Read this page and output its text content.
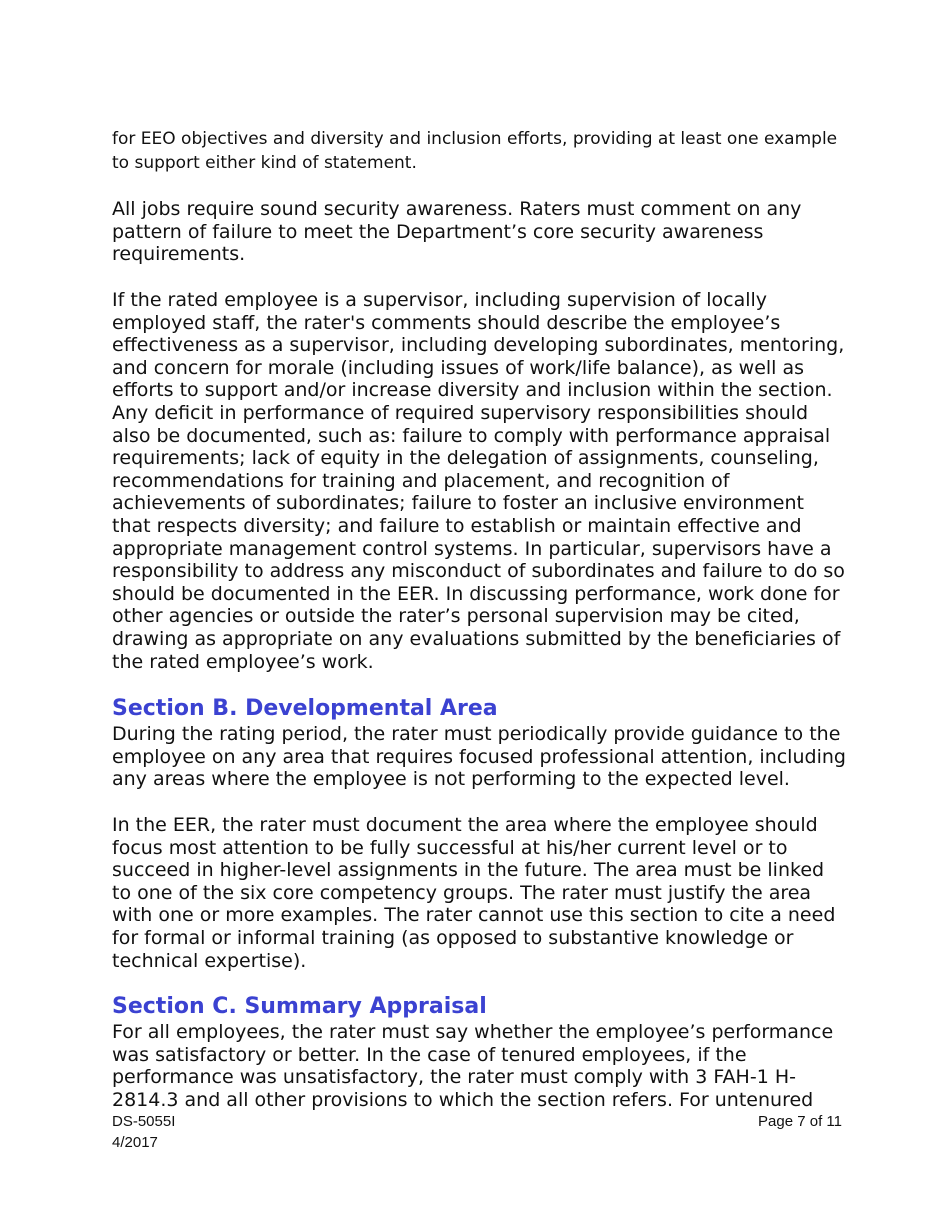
for EEO objectives and diversity and inclusion efforts, providing at least one example to support either kind of statement.

All jobs require sound security awareness. Raters must comment on any pattern of failure to meet the Department’s core security awareness requirements.

If the rated employee is a supervisor, including supervision of locally employed staff, the rater's comments should describe the employee’s effectiveness as a supervisor, including developing subordinates, mentoring, and concern for morale (including issues of work/life balance), as well as efforts to support and/or increase diversity and inclusion within the section. Any deficit in performance of required supervisory responsibilities should also be documented, such as: failure to comply with performance appraisal requirements; lack of equity in the delegation of assignments, counseling, recommendations for training and placement, and recognition of achievements of subordinates; failure to foster an inclusive environment that respects diversity; and failure to establish or maintain effective and appropriate management control systems. In particular, supervisors have a responsibility to address any misconduct of subordinates and failure to do so should be documented in the EER. In discussing performance, work done for other agencies or outside the rater’s personal supervision may be cited, drawing as appropriate on any evaluations submitted by the beneficiaries of the rated employee’s work.

Section B. Developmental Area

During the rating period, the rater must periodically provide guidance to the employee on any area that requires focused professional attention, including any areas where the employee is not performing to the expected level.

In the EER, the rater must document the area where the employee should focus most attention to be fully successful at his/her current level or to succeed in higher-level assignments in the future. The area must be linked to one of the six core competency groups. The rater must justify the area with one or more examples. The rater cannot use this section to cite a need for formal or informal training (as opposed to substantive knowledge or technical expertise).

Section C. Summary Appraisal

For all employees, the rater must say whether the employee’s performance was satisfactory or better. In the case of tenured employees, if the performance was unsatisfactory, the rater must comply with 3 FAH-1 H-2814.3 and all other provisions to which the section refers. For untenured

DS-5055I
4/2017
Page 7 of 11
